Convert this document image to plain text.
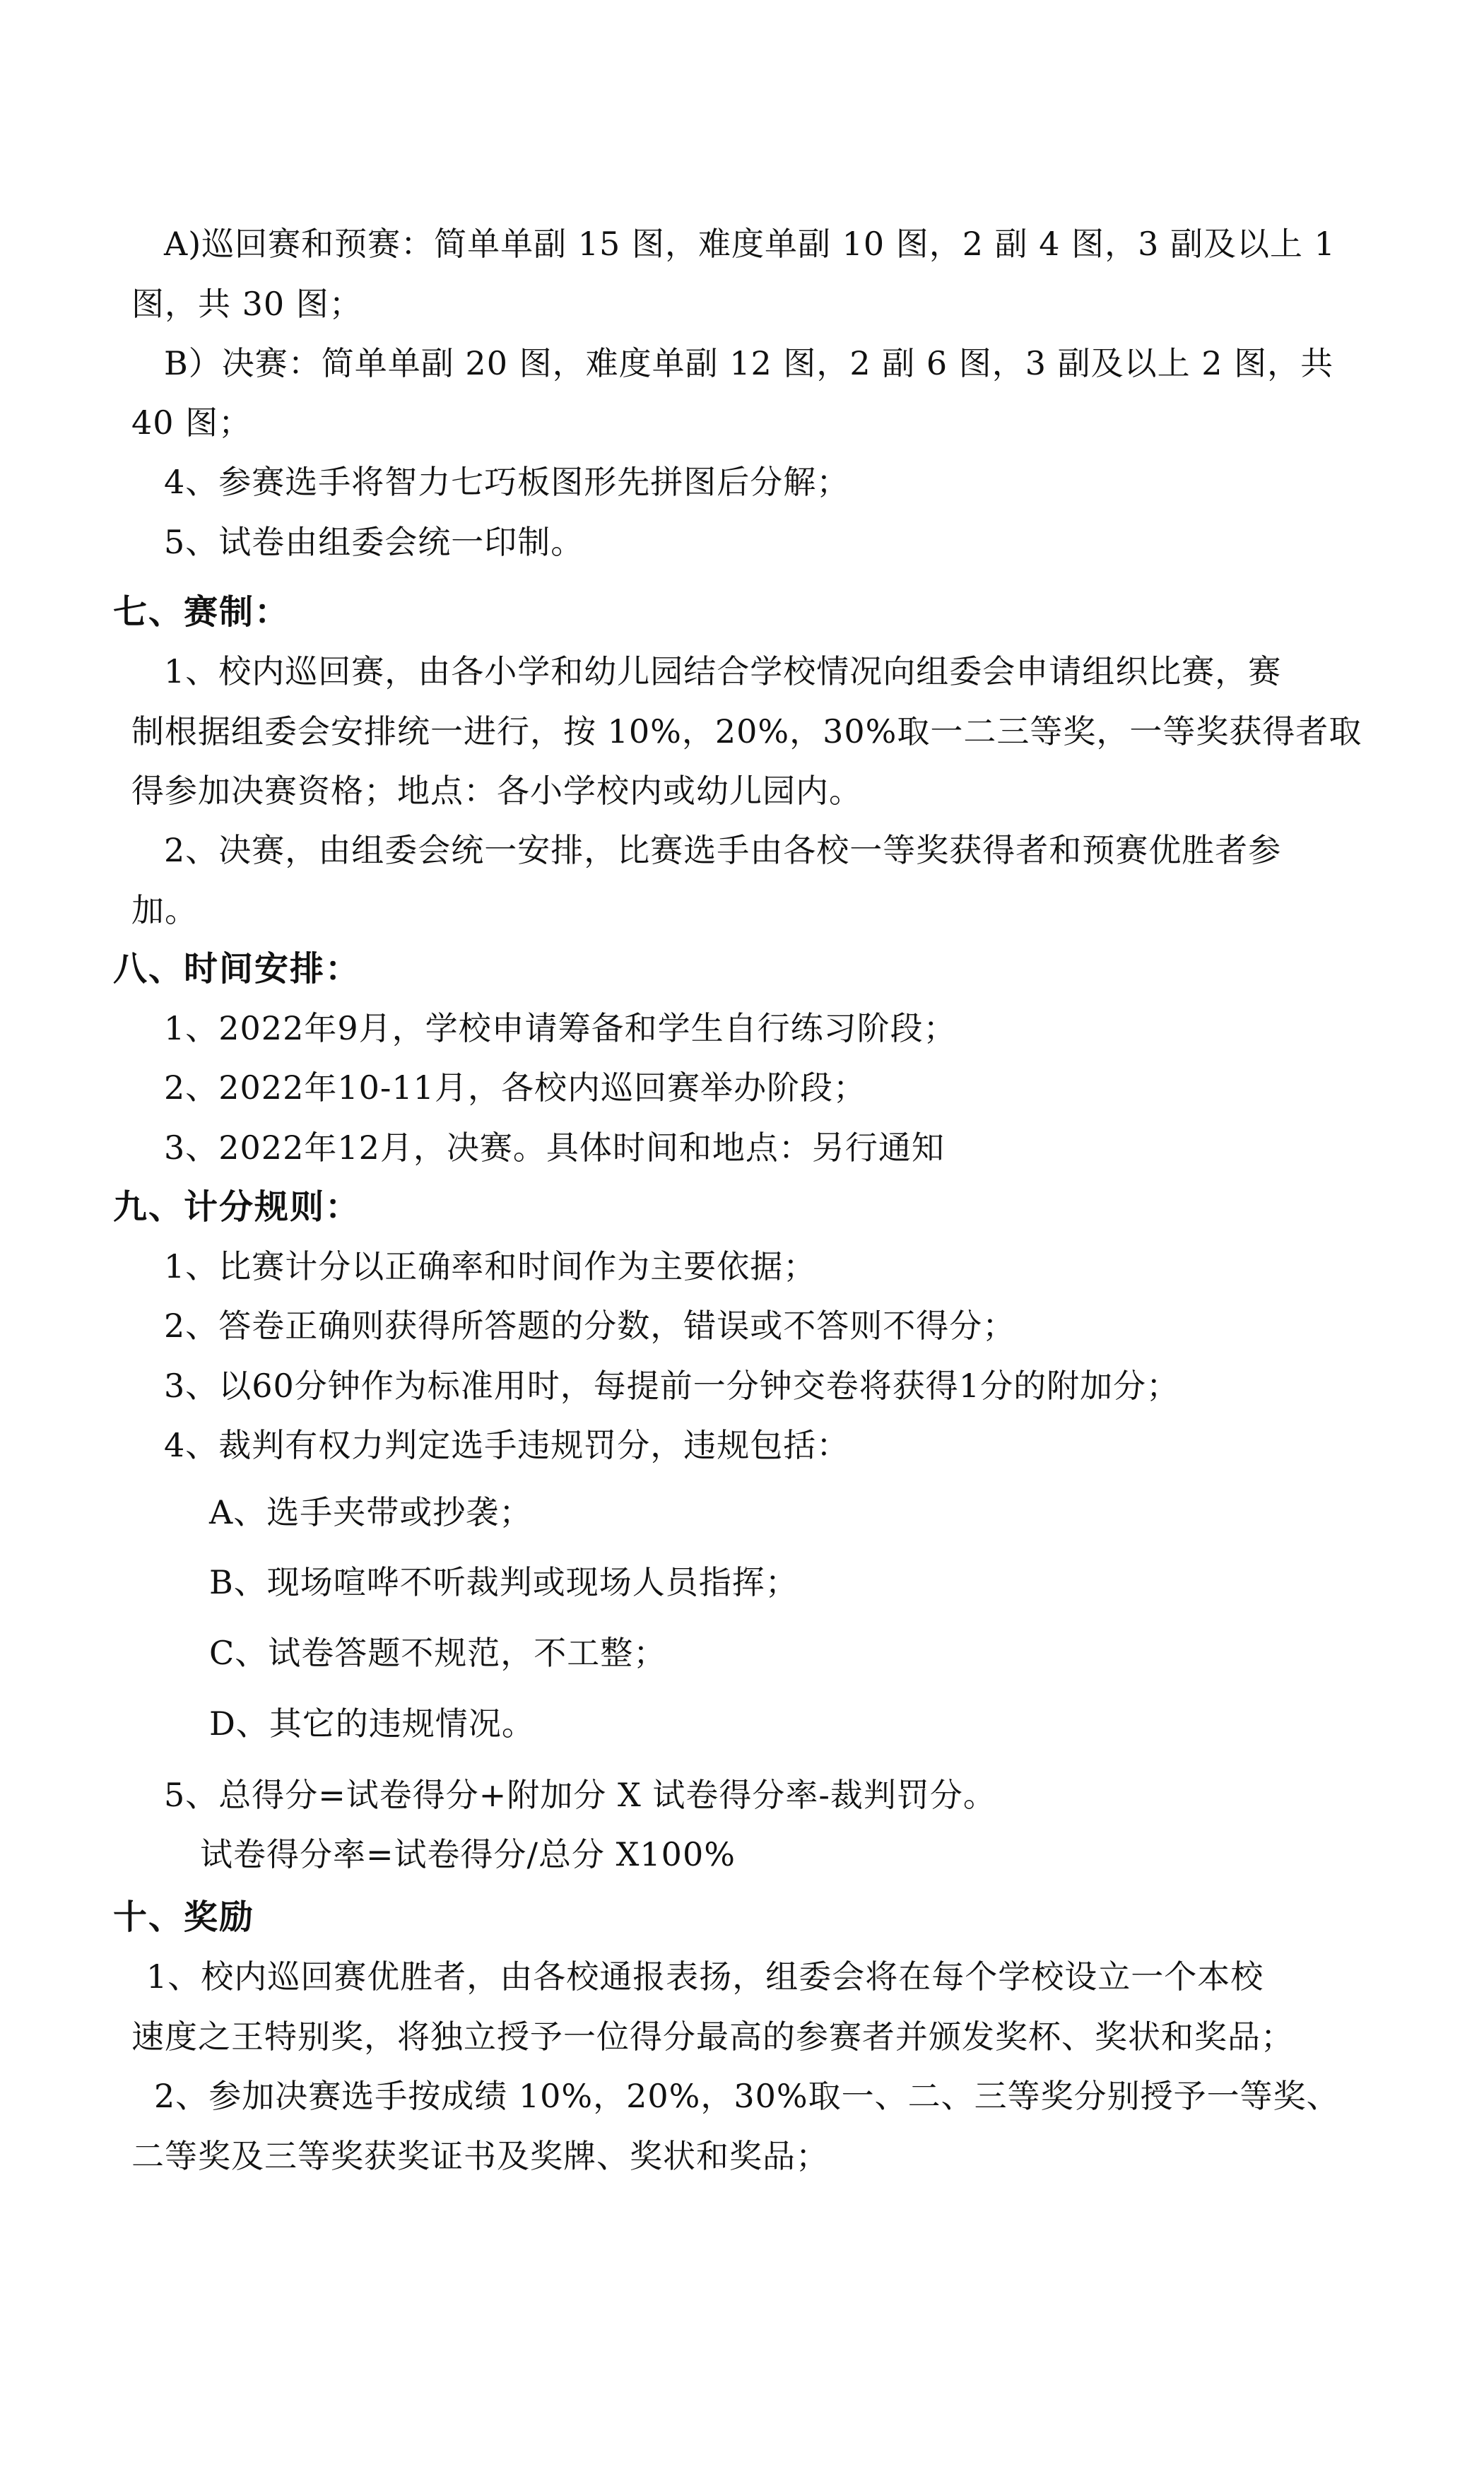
A)巡回赛和预赛：简单单副 15 图，难度单副 10 图，2 副 4 图，3 副及以上 1
图，共 30 图；
B）决赛：简单单副 20 图，难度单副 12 图，2 副 6 图，3 副及以上 2 图，共
40 图；
4、参赛选手将智力七巧板图形先拼图后分解；
5、试卷由组委会统一印制。
七、赛制：
1、校内巡回赛，由各小学和幼儿园结合学校情况向组委会申请组织比赛，赛
制根据组委会安排统一进行，按 10%，20%，30%取一二三等奖，一等奖获得者取
得参加决赛资格；地点：各小学校内或幼儿园内。
2、决赛，由组委会统一安排，比赛选手由各校一等奖获得者和预赛优胜者参
加。
八、时间安排：
1、2022年9月，学校申请筹备和学生自行练习阶段；
2、2022年10-11月，各校内巡回赛举办阶段；
3、2022年12月，决赛。具体时间和地点：另行通知
九、计分规则：
1、比赛计分以正确率和时间作为主要依据；
2、答卷正确则获得所答题的分数，错误或不答则不得分；
3、以60分钟作为标准用时，每提前一分钟交卷将获得1分的附加分；
4、裁判有权力判定选手违规罚分，违规包括：
A、选手夹带或抄袭；
B、现场喧哗不听裁判或现场人员指挥；
C、试卷答题不规范，不工整；
D、其它的违规情况。
5、总得分=试卷得分+附加分 X 试卷得分率-裁判罚分。
试卷得分率=试卷得分/总分 X100%
十、奖励
1、校内巡回赛优胜者，由各校通报表扬，组委会将在每个学校设立一个本校
速度之王特别奖，将独立授予一位得分最高的参赛者并颁发奖杯、奖状和奖品；
2、参加决赛选手按成绩 10%，20%，30%取一、二、三等奖分别授予一等奖、
二等奖及三等奖获奖证书及奖牌、奖状和奖品；
